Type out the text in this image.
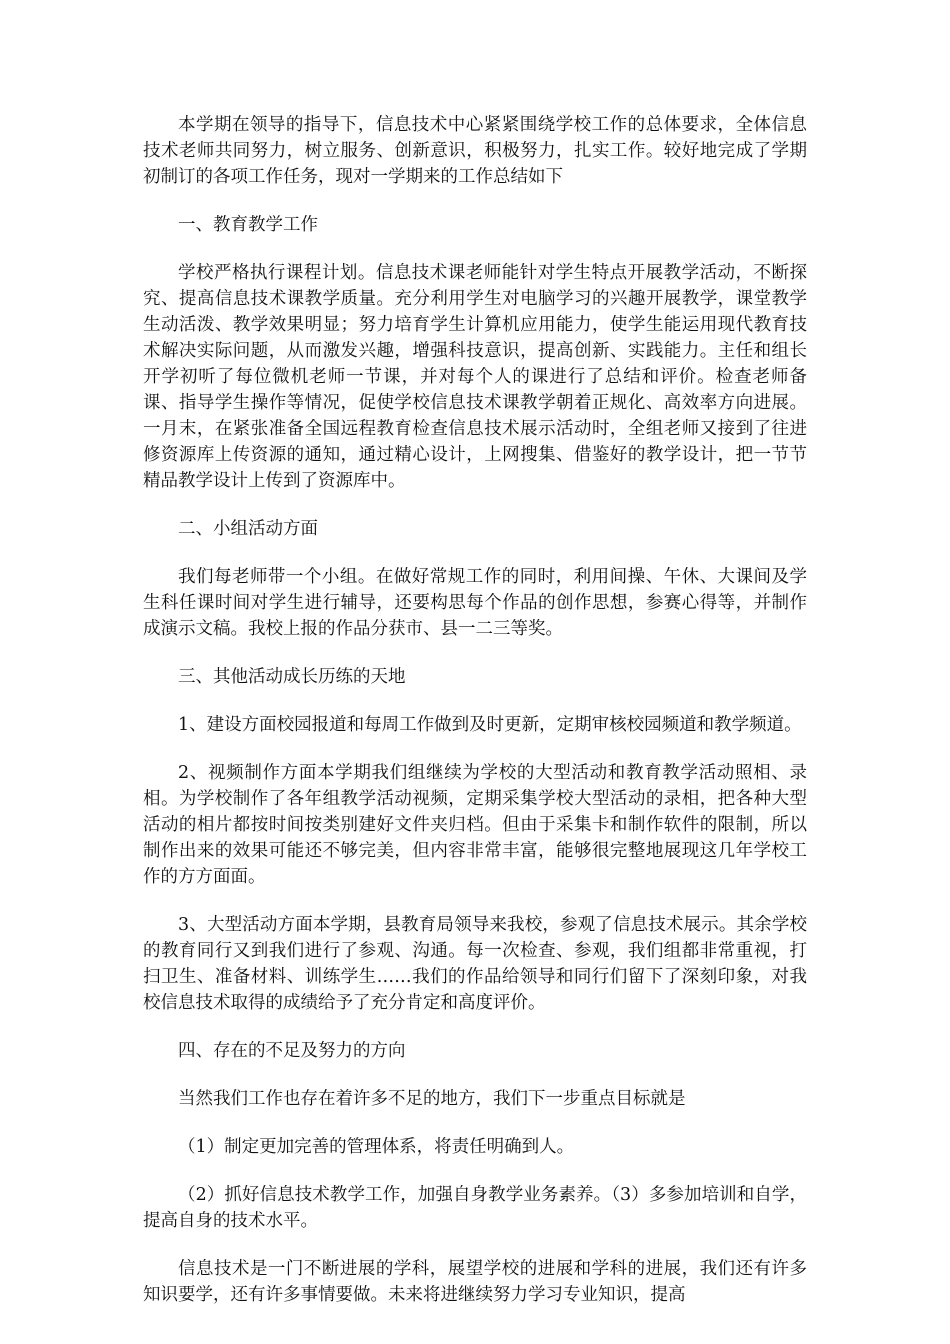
本学期在领导的指导下，信息技术中心紧紧围绕学校工作的总体要求，全体信息技术老师共同努力，树立服务、创新意识，积极努力，扎实工作。较好地完成了学期初制订的各项工作任务，现对一学期来的工作总结如下

一、教育教学工作

学校严格执行课程计划。信息技术课老师能针对学生特点开展教学活动，不断探究、提高信息技术课教学质量。充分利用学生对电脑学习的兴趣开展教学，课堂教学生动活泼、教学效果明显；努力培育学生计算机应用能力，使学生能运用现代教育技术解决实际问题，从而激发兴趣，增强科技意识，提高创新、实践能力。主任和组长开学初听了每位微机老师一节课，并对每个人的课进行了总结和评价。检查老师备课、指导学生操作等情况，促使学校信息技术课教学朝着正规化、高效率方向进展。一月末，在紧张准备全国远程教育检查信息技术展示活动时，全组老师又接到了往进修资源库上传资源的通知，通过精心设计，上网搜集、借鉴好的教学设计，把一节节精品教学设计上传到了资源库中。

二、小组活动方面

我们每老师带一个小组。在做好常规工作的同时，利用间操、午休、大课间及学生科任课时间对学生进行辅导，还要构思每个作品的创作思想，参赛心得等，并制作成演示文稿。我校上报的作品分获市、县一二三等奖。

三、其他活动成长历练的天地

1、建设方面校园报道和每周工作做到及时更新，定期审核校园频道和教学频道。

2、视频制作方面本学期我们组继续为学校的大型活动和教育教学活动照相、录相。为学校制作了各年组教学活动视频，定期采集学校大型活动的录相，把各种大型活动的相片都按时间按类别建好文件夹归档。但由于采集卡和制作软件的限制，所以制作出来的效果可能还不够完美，但内容非常丰富，能够很完整地展现这几年学校工作的方方面面。

3、大型活动方面本学期，县教育局领导来我校，参观了信息技术展示。其余学校的教育同行又到我们进行了参观、沟通。每一次检查、参观，我们组都非常重视，打扫卫生、准备材料、训练学生……我们的作品给领导和同行们留下了深刻印象，对我校信息技术取得的成绩给予了充分肯定和高度评价。

四、存在的不足及努力的方向

当然我们工作也存在着许多不足的地方，我们下一步重点目标就是

（1）制定更加完善的管理体系，将责任明确到人。

（2）抓好信息技术教学工作，加强自身教学业务素养。（3）多参加培训和自学，提高自身的技术水平。

信息技术是一门不断进展的学科，展望学校的进展和学科的进展，我们还有许多知识要学，还有许多事情要做。未来将进继续努力学习专业知识，提高
